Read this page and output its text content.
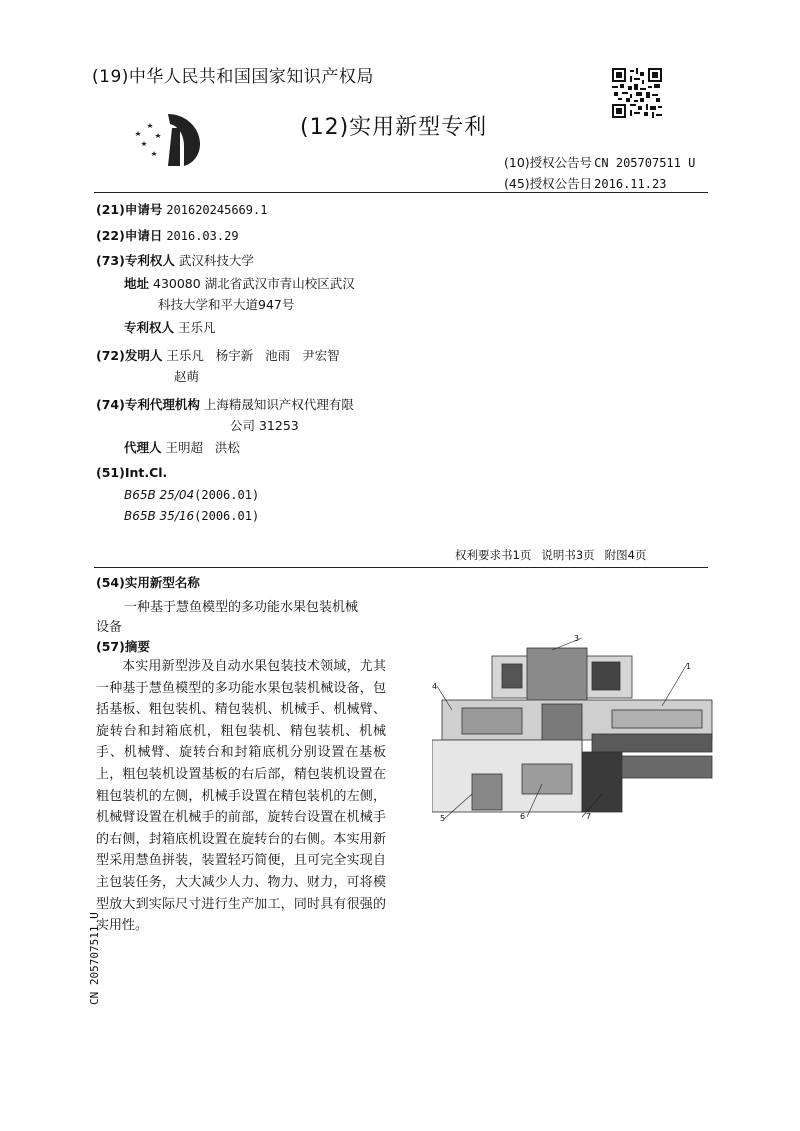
(19)中华人民共和国国家知识产权局
(12)实用新型专利
(10)授权公告号 CN 205707511 U
(45)授权公告日 2016.11.23
(21)申请号 201620245669.1
(22)申请日 2016.03.29
(73)专利权人 武汉科技大学
地址 430080 湖北省武汉市青山校区武汉
科技大学和平大道947号
专利权人 王乐凡
(72)发明人 王乐凡   杨宇新   池雨   尹宏智
赵萌
(74)专利代理机构 上海精晟知识产权代理有限
公司 31253
代理人 王明超   洪松
(51)Int.Cl.
B65B 25/04(2006.01)
B65B 35/16(2006.01)
权利要求书1页 说明书3页 附图4页
(54)实用新型名称
一种基于慧鱼模型的多功能水果包装机械
设备
(57)摘要
本实用新型涉及自动水果包装技术领域，尤其一种基于慧鱼模型的多功能水果包装机械设备，包括基板、粗包装机、精包装机、机械手、机械臂、旋转台和封箱底机，粗包装机、精包装机、机械手、机械臂、旋转台和封箱底机分别设置在基板上，粗包装机设置基板的右后部，精包装机设置在粗包装机的左侧，机械手设置在精包装机的左侧，机械臂设置在机械手的前部，旋转台设置在机械手的右侧，封箱底机设置在旋转台的右侧。本实用新型采用慧鱼拼装，装置轻巧简便，且可完全实现自主包装任务，大大减少人力、物力、财力，可将模型放大到实际尺寸进行生产加工，同时具有很强的实用性。
3
1
4
5	6	7
CN 205707511 U
